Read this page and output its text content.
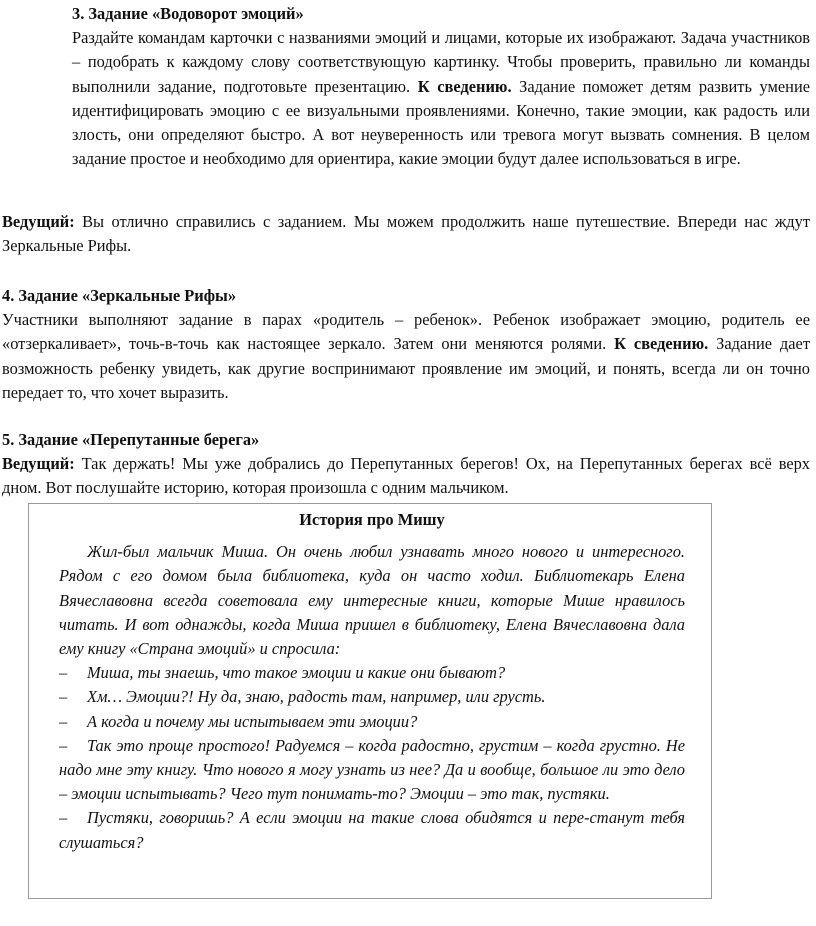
3. Задание «Водоворот эмоций»

Раздайте командам карточки с названиями эмоций и лицами, которые их изображают. Задача участников – подобрать к каждому слову соответствующую картинку. Чтобы проверить, правильно ли команды выполнили задание, подготовьте презентацию. К сведению. Задание поможет детям развить умение идентифицировать эмоцию с ее визуальными проявлениями. Конечно, такие эмоции, как радость или злость, они определяют быстро. А вот неуверенность или тревога могут вызвать сомнения. В целом задание простое и необходимо для ориентира, какие эмоции будут далее использоваться в игре.

Ведущий: Вы отлично справились с заданием. Мы можем продолжить наше путешествие. Впереди нас ждут Зеркальные Рифы.

4. Задание «Зеркальные Рифы»

Участники выполняют задание в парах «родитель – ребенок». Ребенок изображает эмоцию, родитель ее «отзеркаливает», точь-в-точь как настоящее зеркало. Затем они меняются ролями. К сведению. Задание дает возможность ребенку увидеть, как другие воспринимают проявление им эмоций, и понять, всегда ли он точно передает то, что хочет выразить.

5. Задание «Перепутанные берега»

Ведущий: Так держать! Мы уже добрались до Перепутанных берегов! Ох, на Перепутанных берегах всё верх дном. Вот послушайте историю, которая произошла с одним мальчиком.

История про Мишу

Жил-был мальчик Миша. Он очень любил узнавать много нового и интересного. Рядом с его домом была библиотека, куда он часто ходил. Библиотекарь Елена Вячеславовна всегда советовала ему интересные книги, которые Мише нравилось читать. И вот однажды, когда Миша пришел в библиотеку, Елена Вячеславовна дала ему книгу «Страна эмоций» и спросила:

– Миша, ты знаешь, что такое эмоции и какие они бывают?

– Хм… Эмоции?! Ну да, знаю, радость там, например, или грусть.

– А когда и почему мы испытываем эти эмоции?

– Так это проще простого! Радуемся – когда радостно, грустим – когда грустно. Не надо мне эту книгу. Что нового я могу узнать из нее? Да и вообще, большое ли это дело – эмоции испытывать? Чего тут понимать-то? Эмоции – это так, пустяки.

– Пустяки, говоришь? А если эмоции на такие слова обидятся и пере-станут тебя слушаться?
